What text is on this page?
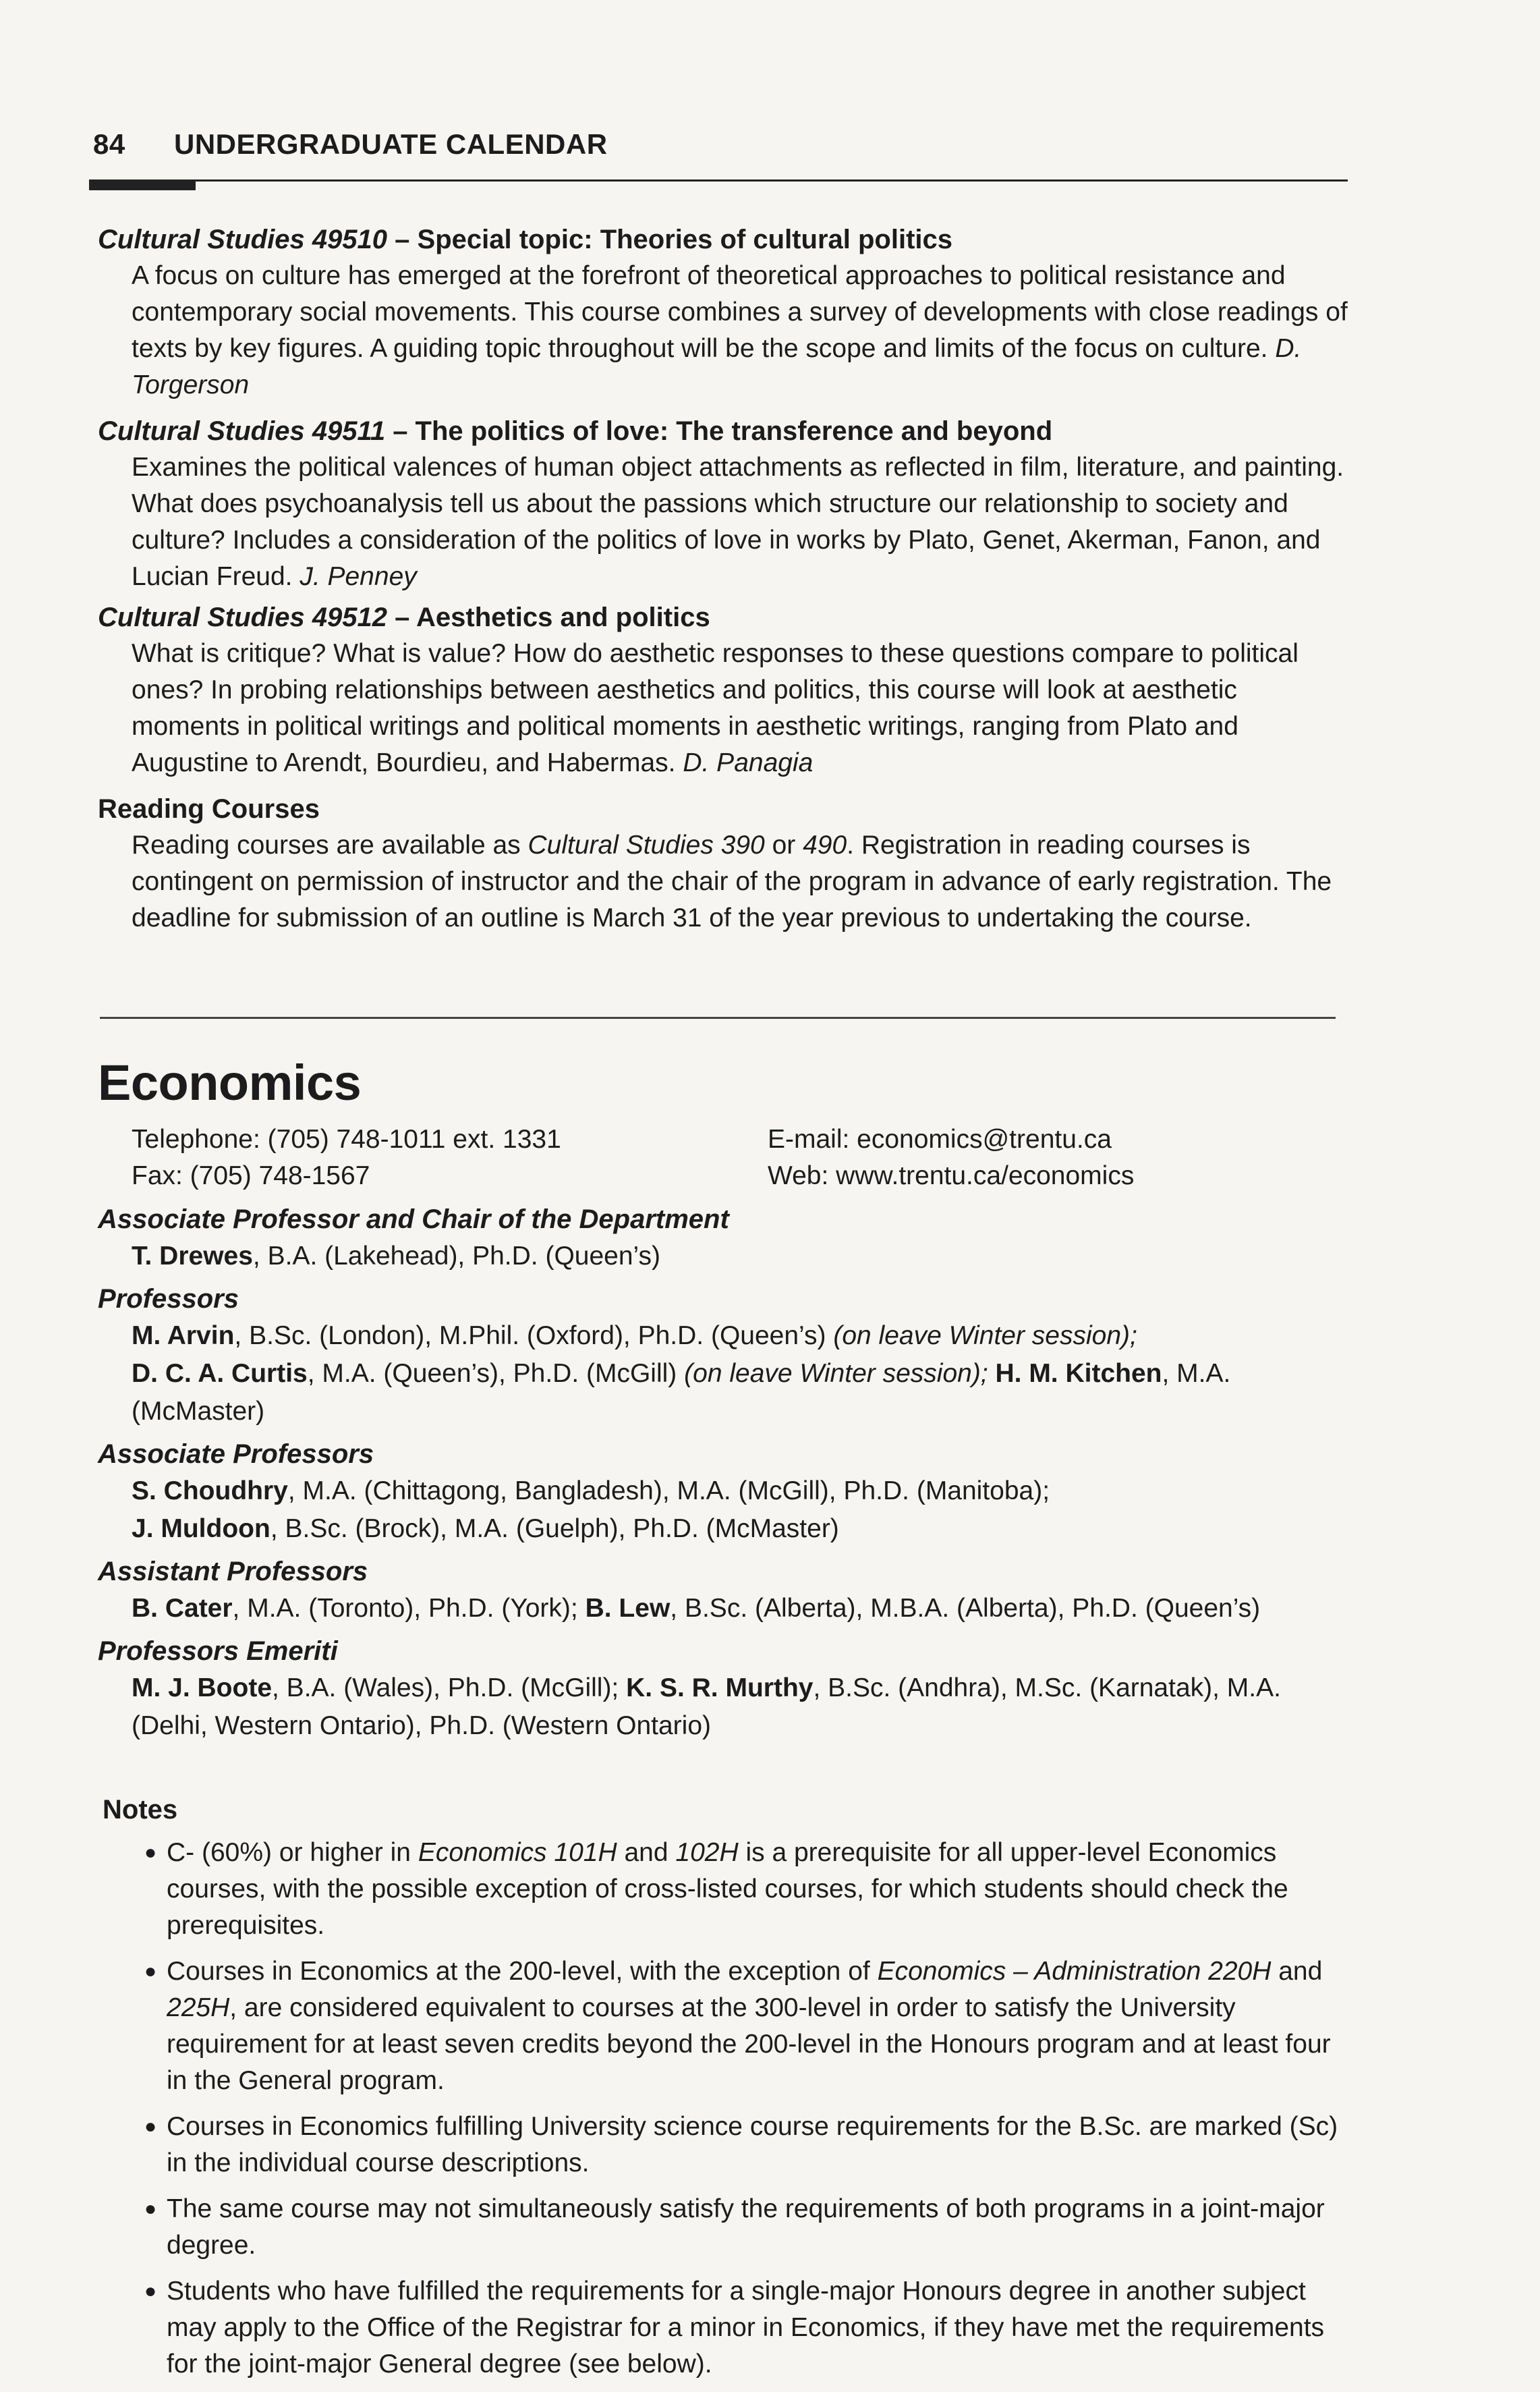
84 UNDERGRADUATE CALENDAR
Cultural Studies 49510 – Special topic: Theories of cultural politics
A focus on culture has emerged at the forefront of theoretical approaches to political resistance and contemporary social movements. This course combines a survey of developments with close readings of texts by key figures. A guiding topic throughout will be the scope and limits of the focus on culture. D. Torgerson
Cultural Studies 49511 – The politics of love: The transference and beyond
Examines the political valences of human object attachments as reflected in film, literature, and painting. What does psychoanalysis tell us about the passions which structure our relationship to society and culture? Includes a consideration of the politics of love in works by Plato, Genet, Akerman, Fanon, and Lucian Freud. J. Penney
Cultural Studies 49512 – Aesthetics and politics
What is critique? What is value? How do aesthetic responses to these questions compare to political ones? In probing relationships between aesthetics and politics, this course will look at aesthetic moments in political writings and political moments in aesthetic writings, ranging from Plato and Augustine to Arendt, Bourdieu, and Habermas. D. Panagia
Reading Courses
Reading courses are available as Cultural Studies 390 or 490. Registration in reading courses is contingent on permission of instructor and the chair of the program in advance of early registration. The deadline for submission of an outline is March 31 of the year previous to undertaking the course.
Economics
Telephone: (705) 748-1011 ext. 1331
Fax: (705) 748-1567
E-mail: economics@trentu.ca
Web: www.trentu.ca/economics
Associate Professor and Chair of the Department
T. Drewes, B.A. (Lakehead), Ph.D. (Queen’s)
Professors
M. Arvin, B.Sc. (London), M.Phil. (Oxford), Ph.D. (Queen’s) (on leave Winter session);
D. C. A. Curtis, M.A. (Queen’s), Ph.D. (McGill) (on leave Winter session); H. M. Kitchen, M.A. (McMaster)
Associate Professors
S. Choudhry, M.A. (Chittagong, Bangladesh), M.A. (McGill), Ph.D. (Manitoba);
J. Muldoon, B.Sc. (Brock), M.A. (Guelph), Ph.D. (McMaster)
Assistant Professors
B. Cater, M.A. (Toronto), Ph.D. (York); B. Lew, B.Sc. (Alberta), M.B.A. (Alberta), Ph.D. (Queen’s)
Professors Emeriti
M. J. Boote, B.A. (Wales), Ph.D. (McGill); K. S. R. Murthy, B.Sc. (Andhra), M.Sc. (Karnatak), M.A. (Delhi, Western Ontario), Ph.D. (Western Ontario)
Notes
● C- (60%) or higher in Economics 101H and 102H is a prerequisite for all upper-level Economics courses, with the possible exception of cross-listed courses, for which students should check the prerequisites.
● Courses in Economics at the 200-level, with the exception of Economics – Administration 220H and 225H, are considered equivalent to courses at the 300-level in order to satisfy the University requirement for at least seven credits beyond the 200-level in the Honours program and at least four in the General program.
● Courses in Economics fulfilling University science course requirements for the B.Sc. are marked (Sc) in the individual course descriptions.
● The same course may not simultaneously satisfy the requirements of both programs in a joint-major degree.
● Students who have fulfilled the requirements for a single-major Honours degree in another subject may apply to the Office of the Registrar for a minor in Economics, if they have met the requirements for the joint-major General degree (see below).
